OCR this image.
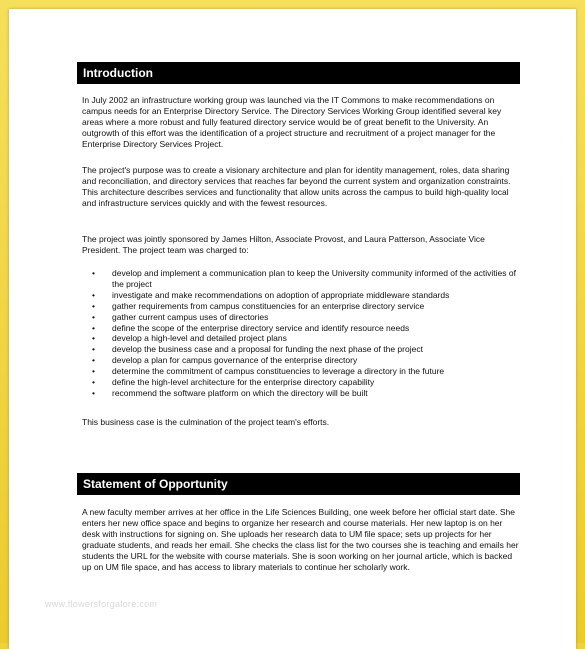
Introduction

In July 2002 an infrastructure working group was launched via the IT Commons to make recommendations on campus needs for an Enterprise Directory Service. The Directory Services Working Group identified several key areas where a more robust and fully featured directory service would be of great benefit to the University. An outgrowth of this effort was the identification of a project structure and recruitment of a project manager for the Enterprise Directory Services Project.

The project's purpose was to create a visionary architecture and plan for identity management, roles, data sharing and reconciliation, and directory services that reaches far beyond the current system and organization constraints. This architecture describes services and functionality that allow units across the campus to build high-quality local and infrastructure services quickly and with the fewest resources.

The project was jointly sponsored by James Hilton, Associate Provost, and Laura Patterson, Associate Vice President. The project team was charged to:

• develop and implement a communication plan to keep the University community informed of the activities of the project
• investigate and make recommendations on adoption of appropriate middleware standards
• gather requirements from campus constituencies for an enterprise directory service
• gather current campus uses of directories
• define the scope of the enterprise directory service and identify resource needs
• develop a high-level and detailed project plans
• develop the business case and a proposal for funding the next phase of the project
• develop a plan for campus governance of the enterprise directory
• determine the commitment of campus constituencies to leverage a directory in the future
• define the high-level architecture for the enterprise directory capability
• recommend the software platform on which the directory will be built

This business case is the culmination of the project team's efforts.

Statement of Opportunity

A new faculty member arrives at her office in the Life Sciences Building, one week before her official start date. She enters her new office space and begins to organize her research and course materials. Her new laptop is on her desk with instructions for signing on. She uploads her research data to UM file space; sets up projects for her graduate students, and reads her email. She checks the class list for the two courses she is teaching and emails her students the URL for the website with course materials. She is soon working on her journal article, which is backed up on UM file space, and has access to library materials to continue her scholarly work.

www.flowersforgalore.com
